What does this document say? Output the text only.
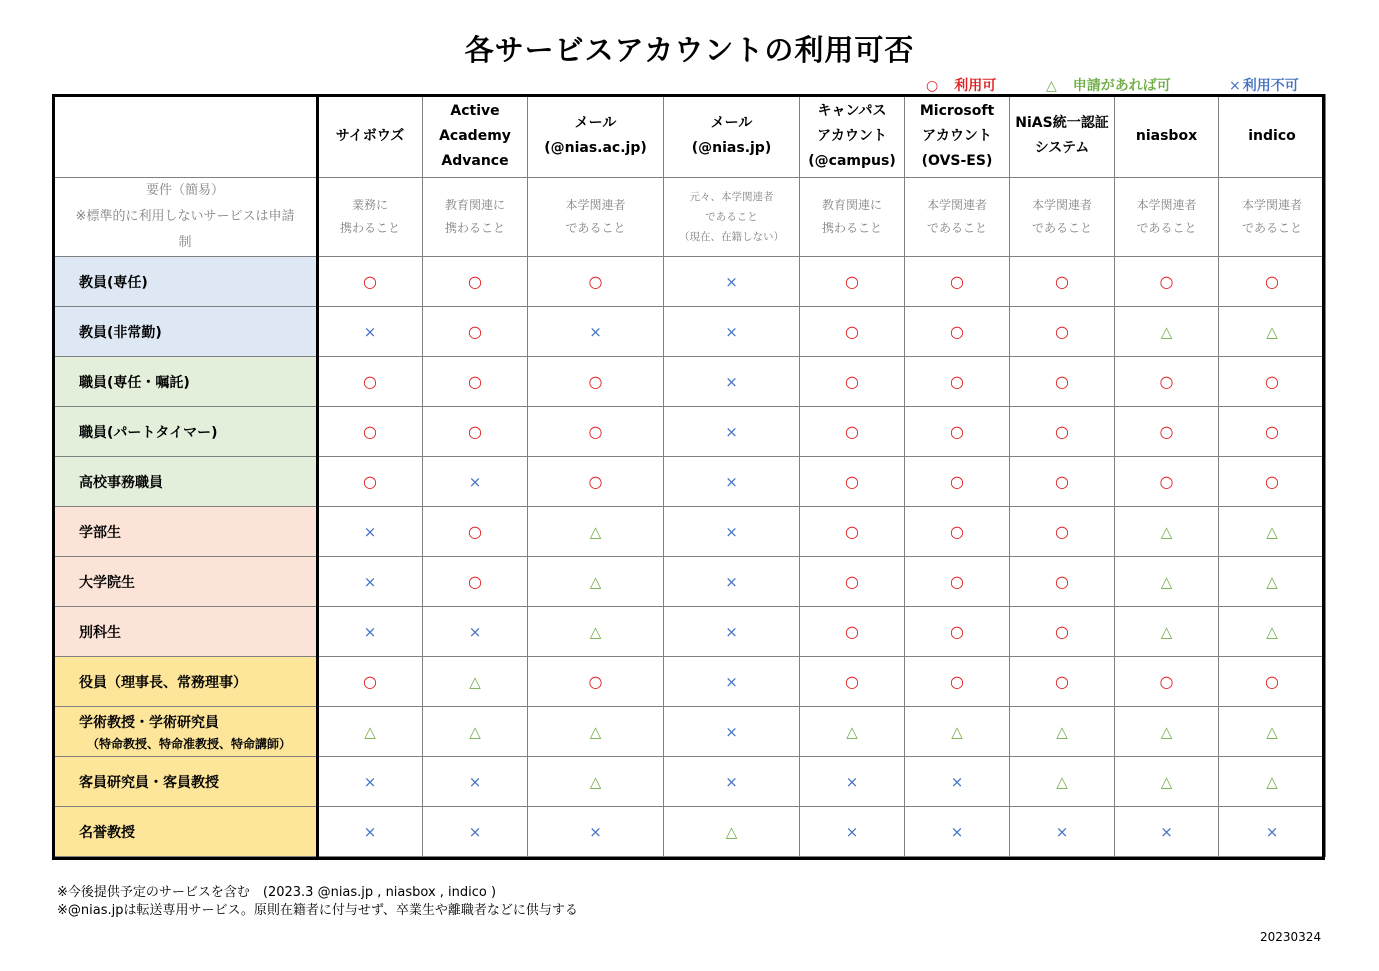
各サービスアカウントの利用可否
○ 利用可	△ 申請があれば可	× 利用不可
	サイボウズ	Active
Academy
Advance	メール
(@nias.ac.jp)	メール
(@nias.jp)	キャンパス
アカウント
(@campus)	Microsoft
アカウント
(OVS-ES)	NiAS統一認証
システム	niasbox	indico
要件（簡易）
※標準的に利用しないサービスは申請
制	業務に
携わること	教育関連に
携わること	本学関連者
であること	元々、本学関連者
であること
（現在、在籍しない）	教育関連に
携わること	本学関連者
であること	本学関連者
であること	本学関連者
であること	本学関連者
であること

教員(専任)	○	○	○	×	○	○	○	○	○

教員(非常勤)	×	○	×	×	○	○	○	△	△

職員(専任・嘱託)	○	○	○	×	○	○	○	○	○

職員(パートタイマー)	○	○	○	×	○	○	○	○	○

高校事務職員	○	×	○	×	○	○	○	○	○

学部生	×	○	△	×	○	○	○	△	△

大学院生	×	○	△	×	○	○	○	△	△

別科生	×	×	△	×	○	○	○	△	△

役員（理事長、常務理事）	○	△	○	×	○	○	○	○	○

学術教授・学術研究員
（特命教授、特命准教授、特命講師）	△	△	△	×	△	△	△	△	△

客員研究員・客員教授	×	×	△	×	×	×	△	△	△

名誉教授	×	×	×	△	×	×	×	×	×
※今後提供予定のサービスを含む　(2023.3 @nias.jp , niasbox , indico )
※@nias.jpは転送専用サービス。原則在籍者に付与せず、卒業生や離職者などに供与する
20230324
